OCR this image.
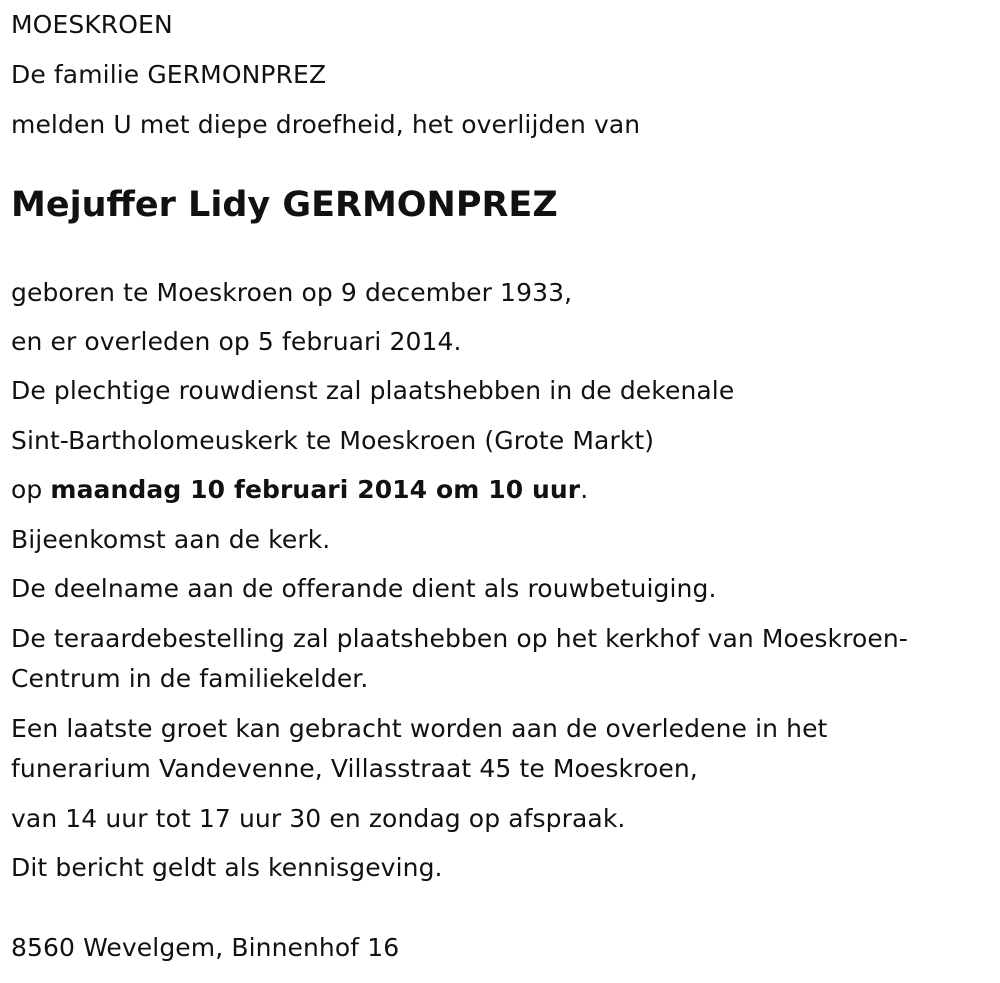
MOESKROEN
De familie GERMONPREZ
melden U met diepe droefheid, het overlijden van
Mejuffer Lidy GERMONPREZ
geboren te Moeskroen op 9 december 1933,
en er overleden op 5 februari 2014.
De plechtige rouwdienst zal plaatshebben in de dekenale
Sint-Bartholomeuskerk te Moeskroen (Grote Markt)
op maandag 10 februari 2014 om 10 uur.
Bijeenkomst aan de kerk.
De deelname aan de offerande dient als rouwbetuiging.
De teraardebestelling zal plaatshebben op het kerkhof van Moeskroen-
Centrum in de familiekelder.
Een laatste groet kan gebracht worden aan de overledene in het
funerarium Vandevenne, Villasstraat 45 te Moeskroen,
van 14 uur tot 17 uur 30 en zondag op afspraak.
Dit bericht geldt als kennisgeving.
8560 Wevelgem, Binnenhof 16
